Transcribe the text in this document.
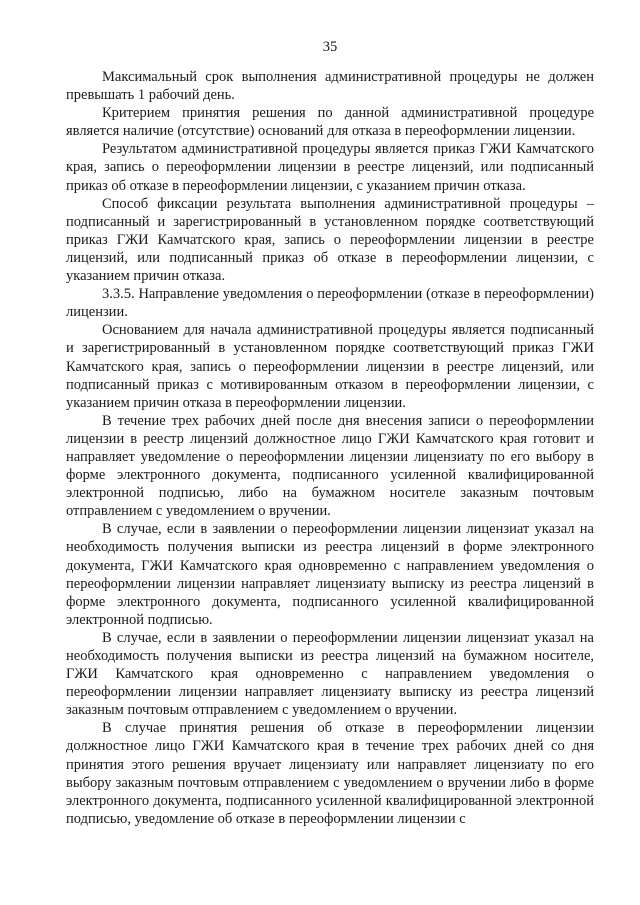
35

Максимальный срок выполнения административной процедуры не должен превышать 1 рабочий день.

Критерием принятия решения по данной административной процедуре является наличие (отсутствие) оснований для отказа в переоформлении лицензии.

Результатом административной процедуры является приказ ГЖИ Камчатского края, запись о переоформлении лицензии в реестре лицензий, или подписанный приказ об отказе в переоформлении лицензии, с указанием причин отказа.

Способ фиксации результата выполнения административной процедуры – подписанный и зарегистрированный в установленном порядке соответствующий приказ ГЖИ Камчатского края, запись о переоформлении лицензии в реестре лицензий, или подписанный приказ об отказе в переоформлении лицензии, с указанием причин отказа.

3.3.5. Направление уведомления о переоформлении (отказе в переоформлении) лицензии.

Основанием для начала административной процедуры является подписанный и зарегистрированный в установленном порядке соответствующий приказ ГЖИ Камчатского края, запись о переоформлении лицензии в реестре лицензий, или подписанный приказ с мотивированным отказом в переоформлении лицензии, с указанием причин отказа в переоформлении лицензии.

В течение трех рабочих дней после дня внесения записи о переоформлении лицензии в реестр лицензий должностное лицо ГЖИ Камчатского края готовит и направляет уведомление о переоформлении лицензии лицензиату по его выбору в форме электронного документа, подписанного усиленной квалифицированной электронной подписью, либо на бумажном носителе заказным почтовым отправлением с уведомлением о вручении.

В случае, если в заявлении о переоформлении лицензии лицензиат указал на необходимость получения выписки из реестра лицензий в форме электронного документа, ГЖИ Камчатского края одновременно с направлением уведомления о переоформлении лицензии направляет лицензиату выписку из реестра лицензий в форме электронного документа, подписанного усиленной квалифицированной электронной подписью.

В случае, если в заявлении о переоформлении лицензии лицензиат указал на необходимость получения выписки из реестра лицензий на бумажном носителе, ГЖИ Камчатского края одновременно с направлением уведомления о переоформлении лицензии направляет лицензиату выписку из реестра лицензий заказным почтовым отправлением с уведомлением о вручении.

В случае принятия решения об отказе в переоформлении лицензии должностное лицо ГЖИ Камчатского края в течение трех рабочих дней со дня принятия этого решения вручает лицензиату или направляет лицензиату по его выбору заказным почтовым отправлением с уведомлением о вручении либо в форме электронного документа, подписанного усиленной квалифицированной электронной подписью, уведомление об отказе в переоформлении лицензии с
